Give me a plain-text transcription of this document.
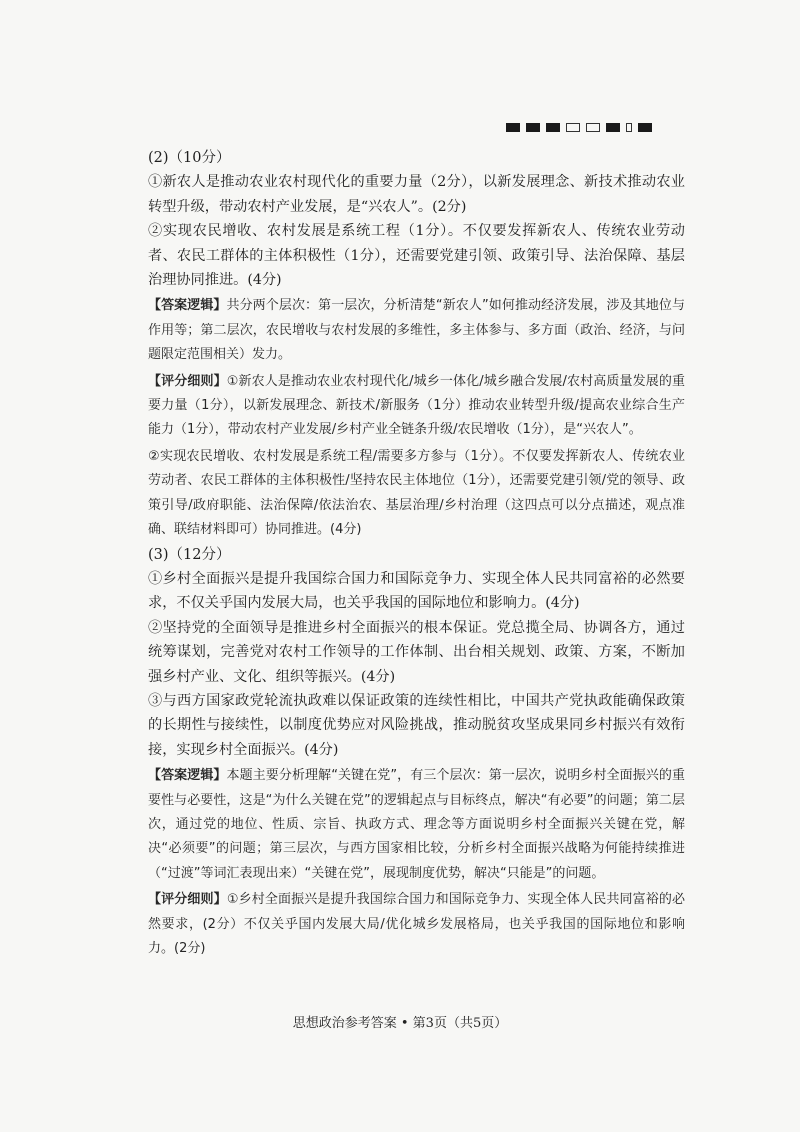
(2)（10分）

①新农人是推动农业农村现代化的重要力量（2分），以新发展理念、新技术推动农业转型升级，带动农村产业发展，是“兴农人”。(2分)

②实现农民增收、农村发展是系统工程（1分）。不仅要发挥新农人、传统农业劳动者、农民工群体的主体积极性（1分），还需要党建引领、政策引导、法治保障、基层治理协同推进。(4分)

【答案逻辑】共分两个层次：第一层次，分析清楚“新农人”如何推动经济发展，涉及其地位与作用等；第二层次，农民增收与农村发展的多维性，多主体参与、多方面（政治、经济，与问题限定范围相关）发力。

【评分细则】①新农人是推动农业农村现代化/城乡一体化/城乡融合发展/农村高质量发展的重要力量（1分），以新发展理念、新技术/新服务（1分）推动农业转型升级/提高农业综合生产能力（1分），带动农村产业发展/乡村产业全链条升级/农民增收（1分），是“兴农人”。

②实现农民增收、农村发展是系统工程/需要多方参与（1分）。不仅要发挥新农人、传统农业劳动者、农民工群体的主体积极性/坚持农民主体地位（1分），还需要党建引领/党的领导、政策引导/政府职能、法治保障/依法治农、基层治理/乡村治理（这四点可以分点描述，观点准确、联结材料即可）协同推进。(4分)

(3)（12分）

①乡村全面振兴是提升我国综合国力和国际竞争力、实现全体人民共同富裕的必然要求，不仅关乎国内发展大局，也关乎我国的国际地位和影响力。(4分)

②坚持党的全面领导是推进乡村全面振兴的根本保证。党总揽全局、协调各方，通过统筹谋划，完善党对农村工作领导的工作体制、出台相关规划、政策、方案，不断加强乡村产业、文化、组织等振兴。(4分)

③与西方国家政党轮流执政难以保证政策的连续性相比，中国共产党执政能确保政策的长期性与接续性，以制度优势应对风险挑战，推动脱贫攻坚成果同乡村振兴有效衔接，实现乡村全面振兴。(4分)

【答案逻辑】本题主要分析理解“关键在党”，有三个层次：第一层次，说明乡村全面振兴的重要性与必要性，这是“为什么关键在党”的逻辑起点与目标终点，解决“有必要”的问题；第二层次，通过党的地位、性质、宗旨、执政方式、理念等方面说明乡村全面振兴关键在党，解决“必须要”的问题；第三层次，与西方国家相比较，分析乡村全面振兴战略为何能持续推进（“过渡”等词汇表现出来）“关键在党”，展现制度优势，解决“只能是”的问题。

【评分细则】①乡村全面振兴是提升我国综合国力和国际竞争力、实现全体人民共同富裕的必然要求，(2分）不仅关乎国内发展大局/优化城乡发展格局，也关乎我国的国际地位和影响力。(2分)

思想政治参考答案 • 第3页（共5页）
